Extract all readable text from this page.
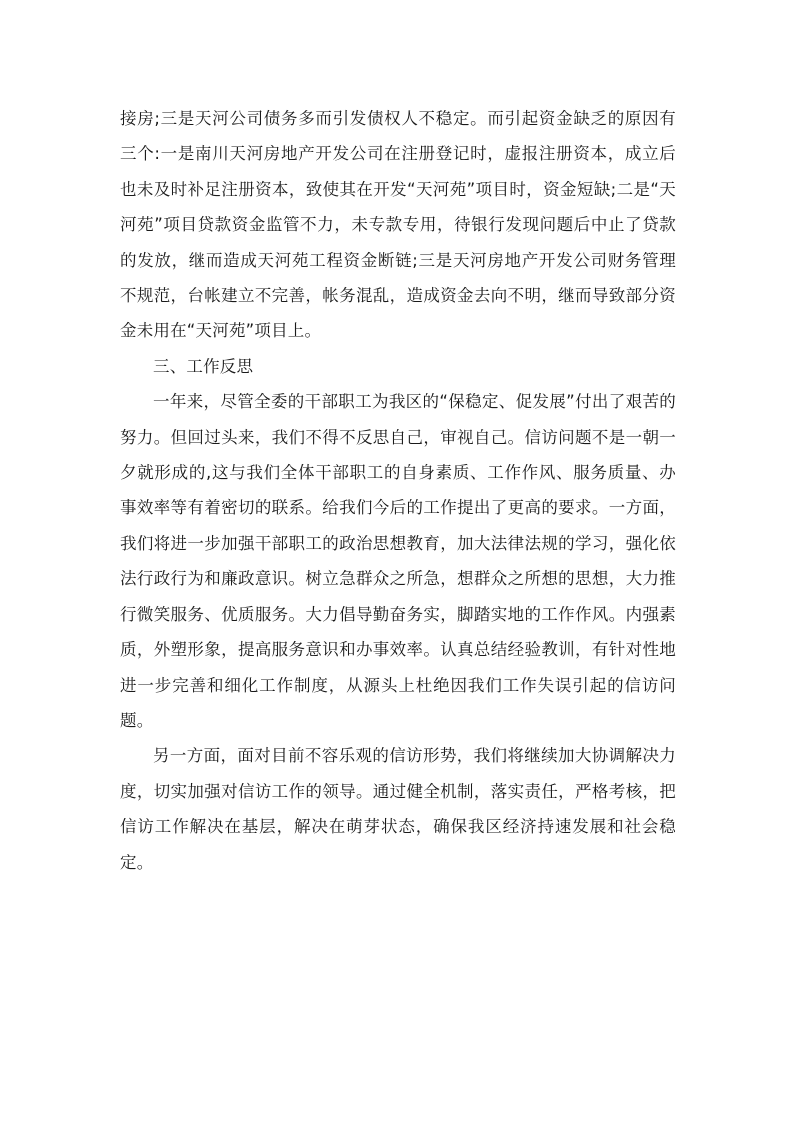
接房;三是天河公司债务多而引发债权人不稳定。而引起资金缺乏的原因有三个:一是南川天河房地产开发公司在注册登记时，虚报注册资本，成立后也未及时补足注册资本，致使其在开发“天河苑”项目时，资金短缺;二是“天河苑”项目贷款资金监管不力，未专款专用，待银行发现问题后中止了贷款的发放，继而造成天河苑工程资金断链;三是天河房地产开发公司财务管理不规范，台帐建立不完善，帐务混乱，造成资金去向不明，继而导致部分资金未用在“天河苑”项目上。

三、工作反思

一年来，尽管全委的干部职工为我区的“保稳定、促发展”付出了艰苦的努力。但回过头来，我们不得不反思自己，审视自己。信访问题不是一朝一夕就形成的,这与我们全体干部职工的自身素质、工作作风、服务质量、办事效率等有着密切的联系。给我们今后的工作提出了更高的要求。一方面，我们将进一步加强干部职工的政治思想教育，加大法律法规的学习，强化依法行政行为和廉政意识。树立急群众之所急，想群众之所想的思想，大力推行微笑服务、优质服务。大力倡导勤奋务实，脚踏实地的工作作风。内强素质，外塑形象，提高服务意识和办事效率。认真总结经验教训，有针对性地进一步完善和细化工作制度，从源头上杜绝因我们工作失误引起的信访问题。

另一方面，面对目前不容乐观的信访形势，我们将继续加大协调解决力度，切实加强对信访工作的领导。通过健全机制，落实责任，严格考核，把信访工作解决在基层，解决在萌芽状态，确保我区经济持速发展和社会稳定。
